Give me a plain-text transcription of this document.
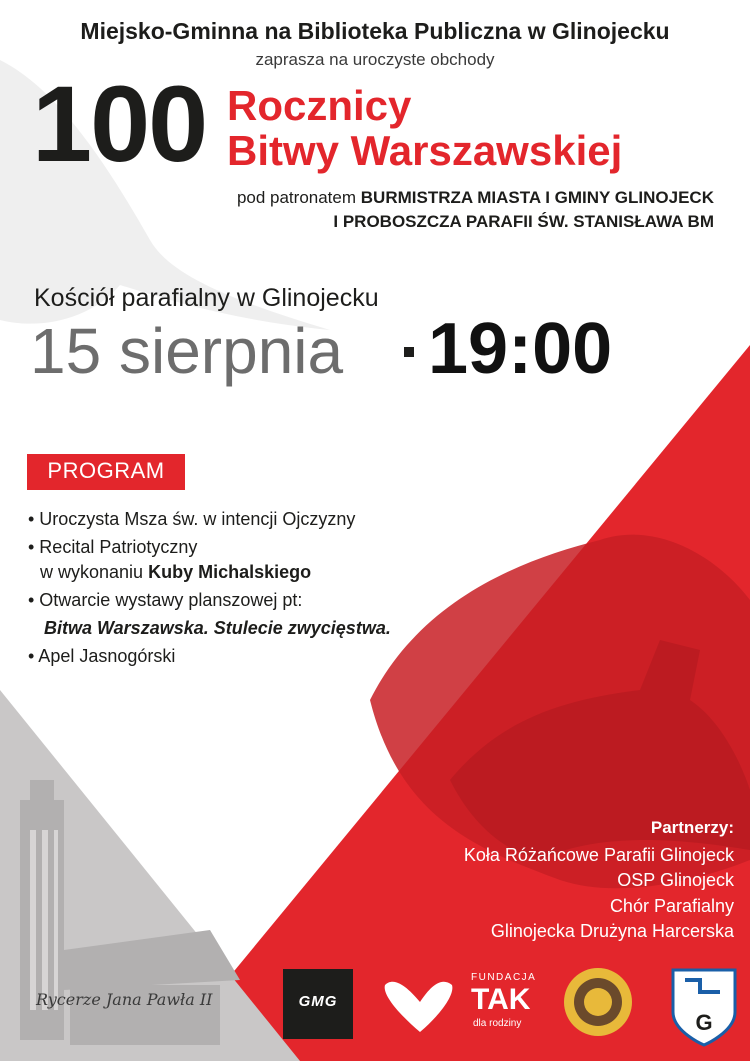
G
Miejsko-Gminna na Biblioteka Publiczna w Glinojecku
zaprasza na uroczyste obchody
100 Rocznicy
Bitwy Warszawskiej
pod patronatem BURMISTRZA MIASTA I GMINY GLINOJECK
I PROBOSZCZA PARAFII ŚW. STANISŁAWA BM
Kościół parafialny w Glinojecku
15 sierpnia 19:00
PROGRAM
• Uroczysta Msza św. w intencji Ojczyzny
• Recital Patriotyczny
w wykonaniu Kuby Michalskiego
• Otwarcie wystawy planszowej pt:
Bitwa Warszawska. Stulecie zwycięstwa.
• Apel Jasnogórski
Partnerzy:
Koła Różańcowe Parafii Glinojeck
OSP Glinojeck
Chór Parafialny
Glinojecka Drużyna Harcerska
Rycerze Jana Pawła II	GMG
FUNDACJA
TAK
dla rodziny
